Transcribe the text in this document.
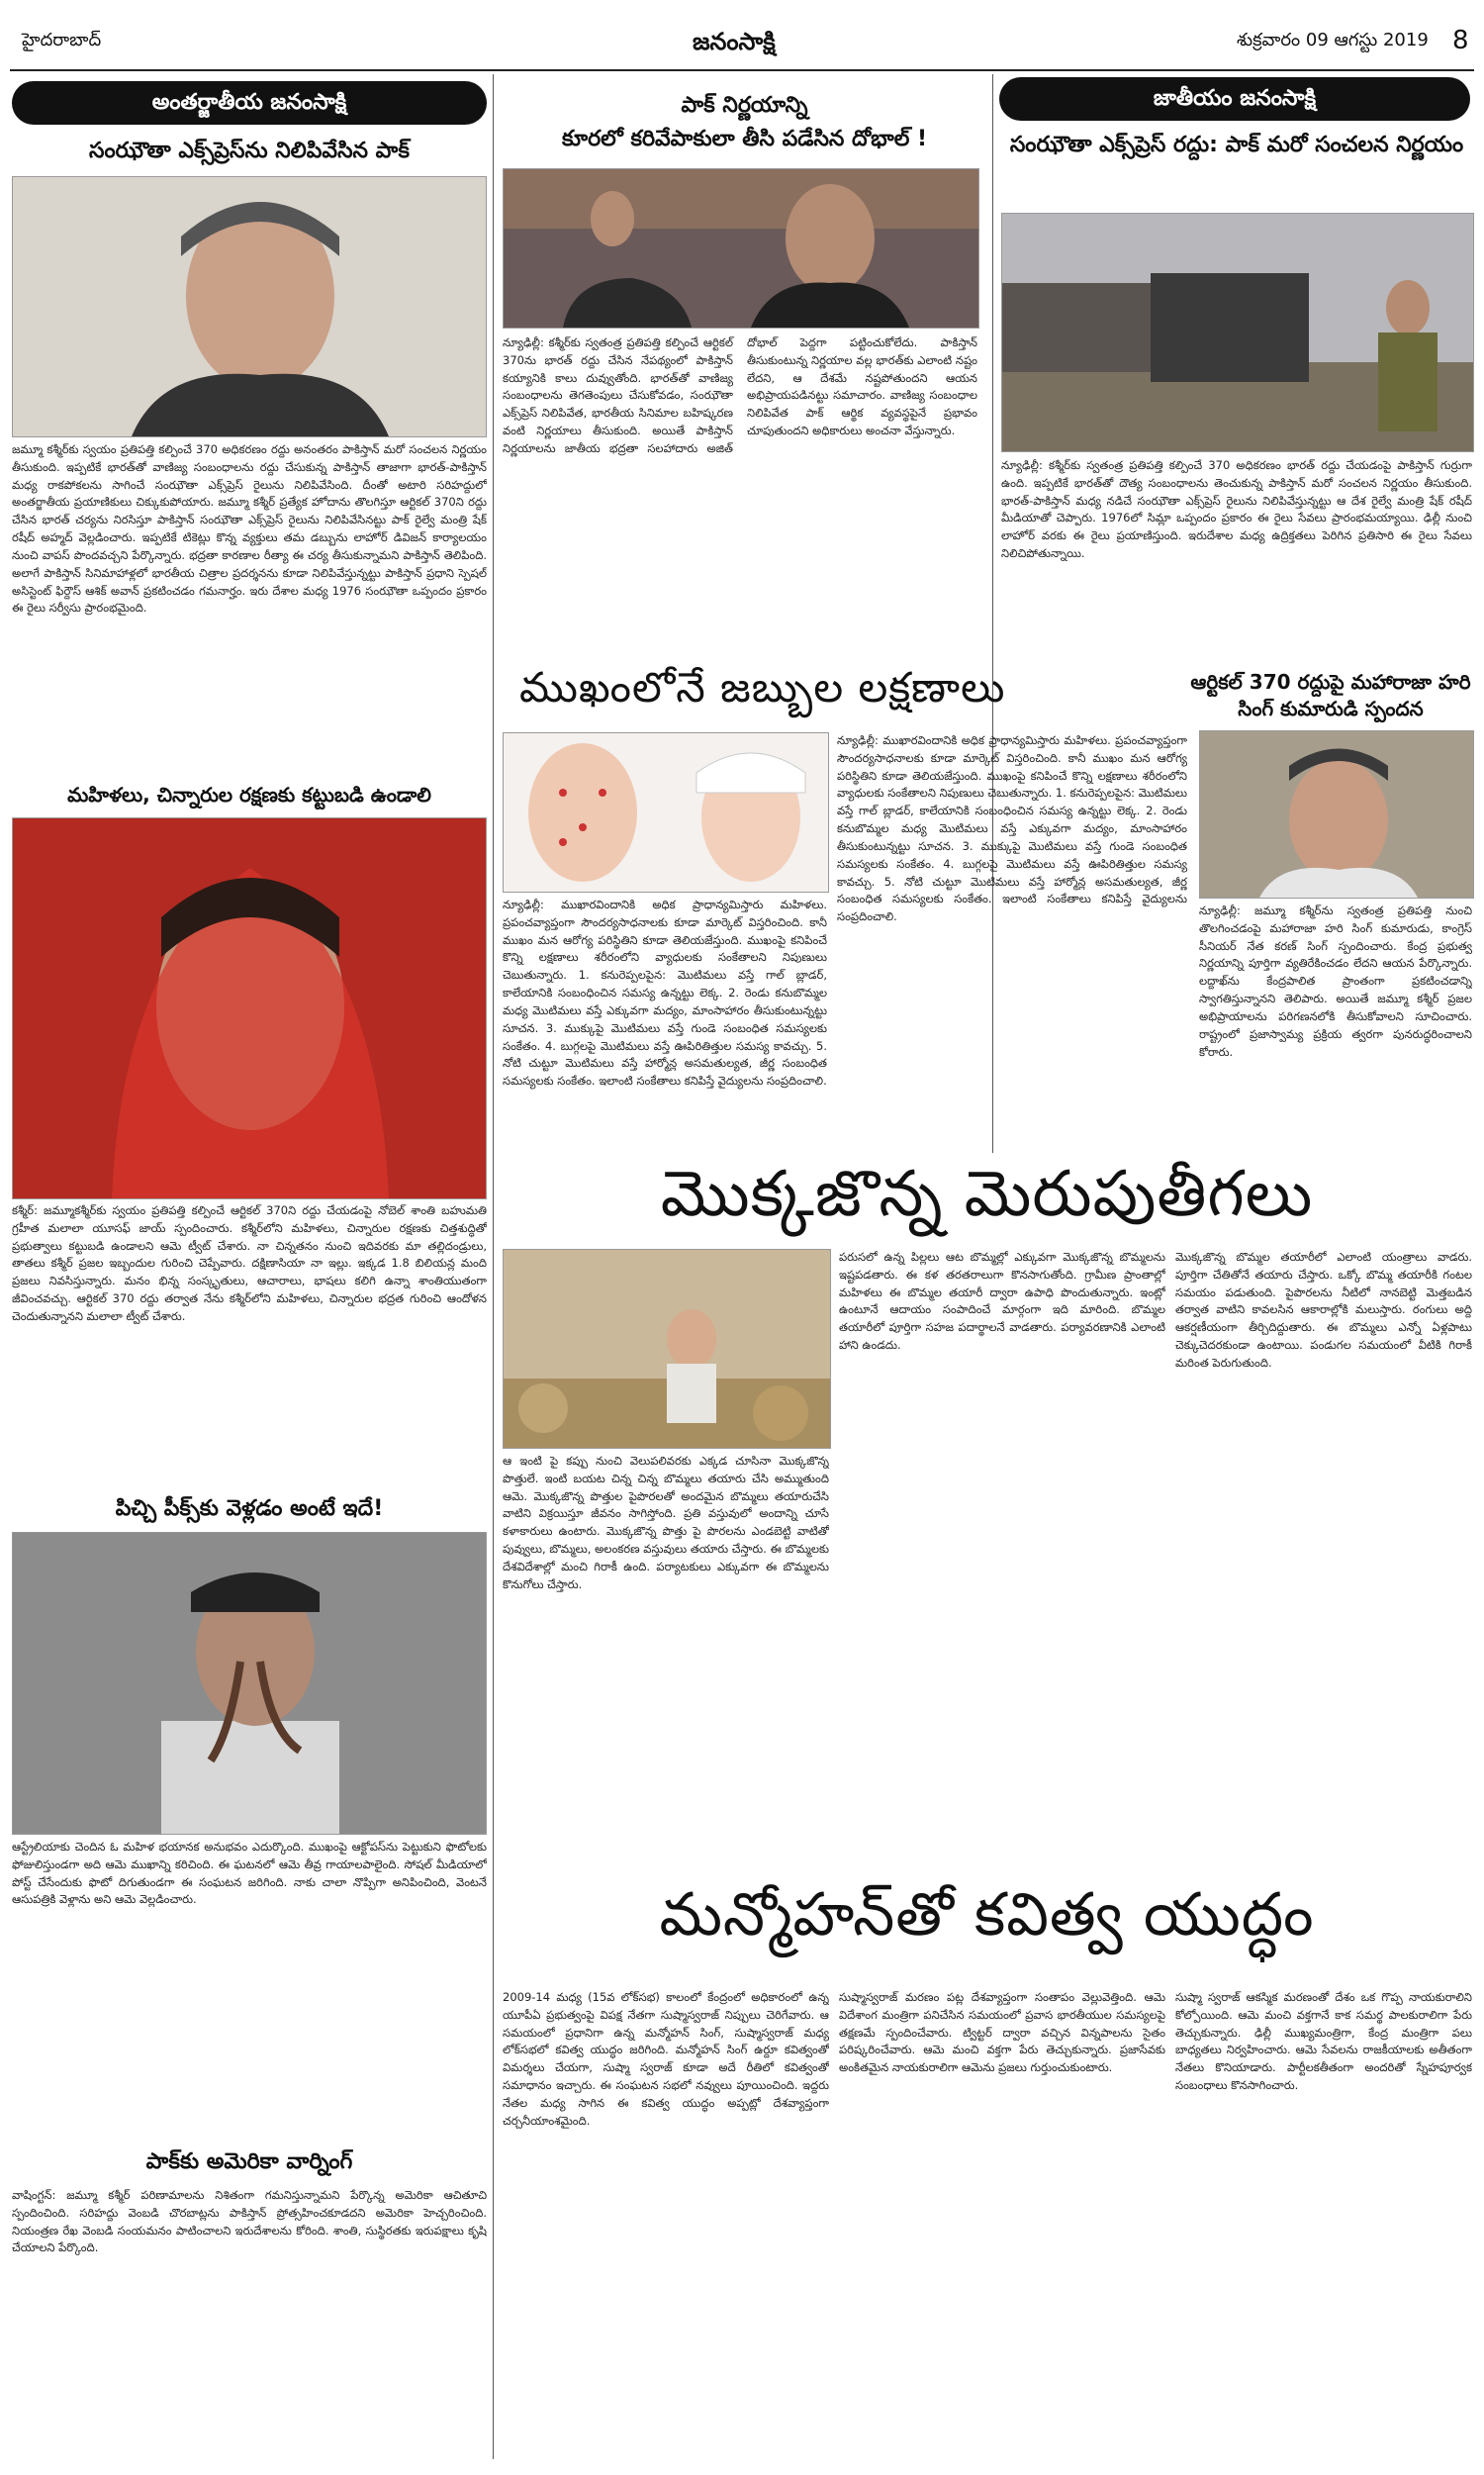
హైదరాబాద్	జనంసాక్షి	శుక్రవారం 09 ఆగస్టు 2019 8
అంతర్జాతీయ జనంసాక్షి
సంఝౌతా ఎక్స్‌ప్రెస్‌ను నిలిపివేసిన పాక్
జమ్మూ కశ్మీర్‌కు స్వయం ప్రతిపత్తి కల్పించే 370 అధికరణం రద్దు అనంతరం పాకిస్తాన్‌ మరో సంచలన నిర్ణయం తీసుకుంది. ఇప్పటికే భారత్‌తో వాణిజ్య సంబంధాలను రద్దు చేసుకున్న పాకిస్తాన్‌ తాజాగా భారత్‌-పాకిస్తాన్‌ మధ్య రాకపోకలను సాగించే సంఝౌతా ఎక్స్‌ప్రెస్‌ రైలును నిలిపివేసింది. దీంతో అటారి సరిహద్దులో అంతర్జాతీయ ప్రయాణికులు చిక్కుకుపోయారు. జమ్మూ కశ్మీర్‌ ప్రత్యేక హోదాను తొలగిస్తూ ఆర్టికల్‌ 370ని రద్దు చేసిన భారత్‌ చర్యను నిరసిస్తూ పాకిస్తాన్‌ సంఝౌతా ఎక్స్‌ప్రెస్‌ రైలును నిలిపివేసినట్టు పాక్‌ రైల్వే మంత్రి షేక్‌ రషీద్‌ అహ్మద్‌ వెల్లడించారు. ఇప్పటికే టికెట్లు కొన్న వ్యక్తులు తమ డబ్బును లాహోర్‌ డివిజన్‌ కార్యాలయం నుంచి వాపస్‌ పొందవచ్చని పేర్కొన్నారు. భద్రతా కారణాల రీత్యా ఈ చర్య తీసుకున్నామని పాకిస్తాన్‌ తెలిపింది. అలాగే పాకిస్తాన్‌ సినిమాహాళ్లలో భారతీయ చిత్రాల ప్రదర్శనను కూడా నిలిపివేస్తున్నట్టు పాకిస్తాన్‌ ప్రధాని స్పెషల్‌ అసిస్టెంట్‌ ఫిర్దౌస్‌ ఆశిక్‌ అవాన్‌ ప్రకటించడం గమనార్హం. ఇరు దేశాల మధ్య 1976 సంఝౌతా ఒప్పందం ప్రకారం ఈ రైలు సర్వీసు ప్రారంభమైంది.
మహిళలు, చిన్నారుల రక్షణకు కట్టుబడి ఉండాలి
కశ్మీర్‌: జమ్మూకశ్మీర్‌కు స్వయం ప్రతిపత్తి కల్పించే ఆర్టికల్‌ 370ని రద్దు చేయడంపై నోబెల్‌ శాంతి బహుమతి గ్రహీత మలాలా యూసఫ్‌ జాయ్‌ స్పందించారు. కశ్మీర్‌లోని మహిళలు, చిన్నారుల రక్షణకు చిత్తశుద్ధితో ప్రభుత్వాలు కట్టుబడి ఉండాలని ఆమె ట్వీట్‌ చేశారు. నా చిన్నతనం నుంచి ఇదివరకు మా తల్లిదండ్రులు, తాతలు కశ్మీర్‌ ప్రజల ఇబ్బందుల గురించి చెప్పేవారు. దక్షిణాసియా నా ఇల్లు. ఇక్కడ 1.8 బిలియన్ల మంది ప్రజలు నివసిస్తున్నారు. మనం భిన్న సంస్కృతులు, ఆచారాలు, భాషలు కలిగి ఉన్నా శాంతియుతంగా జీవించవచ్చు. ఆర్టికల్‌ 370 రద్దు తర్వాత నేను కశ్మీర్‌లోని మహిళలు, చిన్నారుల భద్రత గురించి ఆందోళన చెందుతున్నానని మలాలా ట్వీట్‌ చేశారు.
పిచ్చి పీక్స్‌కు వెళ్లడం అంటే ఇదే!
ఆస్ట్రేలియాకు చెందిన ఓ మహిళ భయానక అనుభవం ఎదుర్కొంది. ముఖంపై ఆక్టోపస్‌ను పెట్టుకుని ఫొటోలకు ఫోజులిస్తుండగా అది ఆమె ముఖాన్ని కరిచింది. ఈ ఘటనలో ఆమె తీవ్ర గాయాలపాలైంది. సోషల్‌ మీడియాలో పోస్ట్‌ చేసేందుకు ఫొటో దిగుతుండగా ఈ సంఘటన జరిగింది. నాకు చాలా నొప్పిగా అనిపించింది, వెంటనే ఆసుపత్రికి వెళ్లాను అని ఆమె వెల్లడించారు.
పాక్‌కు అమెరికా వార్నింగ్‌
వాషింగ్టన్‌: జమ్మూ కశ్మీర్‌ పరిణామాలను నిశితంగా గమనిస్తున్నామని పేర్కొన్న అమెరికా ఆచితూచి స్పందించింది. సరిహద్దు వెంబడి చొరబాట్లను పాకిస్తాన్‌ ప్రోత్సహించకూడదని అమెరికా హెచ్చరించింది. నియంత్రణ రేఖ వెంబడి సంయమనం పాటించాలని ఇరుదేశాలను కోరింది. శాంతి, సుస్థిరతకు ఇరుపక్షాలు కృషి చేయాలని పేర్కొంది.
పాక్‌ నిర్ణయాన్ని
కూరలో కరివేపాకులా తీసి పడేసిన దోభాల్‌ !
న్యూఢిల్లీ: కశ్మీర్‌కు స్వతంత్ర ప్రతిపత్తి కల్పించే ఆర్టికల్‌ 370ను భారత్‌ రద్దు చేసిన నేపథ్యంలో పాకిస్తాన్‌ కయ్యానికి కాలు దువ్వుతోంది. భారత్‌తో వాణిజ్య సంబంధాలను తెగతెంపులు చేసుకోవడం, సంఝౌతా ఎక్స్‌ప్రెస్‌ నిలిపివేత, భారతీయ సినిమాల బహిష్కరణ వంటి నిర్ణయాలు తీసుకుంది. అయితే పాకిస్తాన్‌ నిర్ణయాలను జాతీయ భద్రతా సలహాదారు అజిత్‌ దోభాల్‌ పెద్దగా పట్టించుకోలేదు. పాకిస్తాన్‌ తీసుకుంటున్న నిర్ణయాల వల్ల భారత్‌కు ఎలాంటి నష్టం లేదని, ఆ దేశమే నష్టపోతుందని ఆయన అభిప్రాయపడినట్టు సమాచారం. వాణిజ్య సంబంధాల నిలిపివేత పాక్‌ ఆర్థిక వ్యవస్థపైనే ప్రభావం చూపుతుందని అధికారులు అంచనా వేస్తున్నారు.
ముఖంలోనే జబ్బుల లక్షణాలు
న్యూఢిల్లీ: ముఖారవిందానికి అధిక ప్రాధాన్యమిస్తారు మహిళలు. ప్రపంచవ్యాప్తంగా సౌందర్యసాధనాలకు కూడా మార్కెట్‌ విస్తరించింది. కానీ ముఖం మన ఆరోగ్య పరిస్థితిని కూడా తెలియజేస్తుంది. ముఖంపై కనిపించే కొన్ని లక్షణాలు శరీరంలోని వ్యాధులకు సంకేతాలని నిపుణులు చెబుతున్నారు. 1. కనురెప్పలపైన: మొటిమలు వస్తే గాల్‌ బ్లాడర్‌, కాలేయానికి సంబంధించిన సమస్య ఉన్నట్టు లెక్క. 2. రెండు కనుబొమ్మల మధ్య మొటిమలు వస్తే ఎక్కువగా మద్యం, మాంసాహారం తీసుకుంటున్నట్టు సూచన. 3. ముక్కుపై మొటిమలు వస్తే గుండె సంబంధిత సమస్యలకు సంకేతం. 4. బుగ్గలపై మొటిమలు వస్తే ఊపిరితిత్తుల సమస్య కావచ్చు. 5. నోటి చుట్టూ మొటిమలు వస్తే హార్మోన్ల అసమతుల్యత, జీర్ణ సంబంధిత సమస్యలకు సంకేతం. ఇలాంటి సంకేతాలు కనిపిస్తే వైద్యులను సంప్రదించాలి.
న్యూఢిల్లీ: ముఖారవిందానికి అధిక ప్రాధాన్యమిస్తారు మహిళలు. ప్రపంచవ్యాప్తంగా సౌందర్యసాధనాలకు కూడా మార్కెట్‌ విస్తరించింది. కానీ ముఖం మన ఆరోగ్య పరిస్థితిని కూడా తెలియజేస్తుంది. ముఖంపై కనిపించే కొన్ని లక్షణాలు శరీరంలోని వ్యాధులకు సంకేతాలని నిపుణులు చెబుతున్నారు. 1. కనురెప్పలపైన: మొటిమలు వస్తే గాల్‌ బ్లాడర్‌, కాలేయానికి సంబంధించిన సమస్య ఉన్నట్టు లెక్క. 2. రెండు కనుబొమ్మల మధ్య మొటిమలు వస్తే ఎక్కువగా మద్యం, మాంసాహారం తీసుకుంటున్నట్టు సూచన. 3. ముక్కుపై మొటిమలు వస్తే గుండె సంబంధిత సమస్యలకు సంకేతం. 4. బుగ్గలపై మొటిమలు వస్తే ఊపిరితిత్తుల సమస్య కావచ్చు. 5. నోటి చుట్టూ మొటిమలు వస్తే హార్మోన్ల అసమతుల్యత, జీర్ణ సంబంధిత సమస్యలకు సంకేతం. ఇలాంటి సంకేతాలు కనిపిస్తే వైద్యులను సంప్రదించాలి.
మొక్కజొన్న మెరుపుతీగలు
ఆ ఇంటి పై కప్పు నుంచి వెలుపలివరకు ఎక్కడ చూసినా మొక్కజొన్న పొత్తులే. ఇంటి బయట చిన్న చిన్న బొమ్మలు తయారు చేసి అమ్ముతుంది ఆమె. మొక్కజొన్న పొత్తుల పైపొరలతో అందమైన బొమ్మలు తయారుచేసి వాటిని విక్రయిస్తూ జీవనం సాగిస్తోంది. ప్రతి వస్తువులో అందాన్ని చూసే కళాకారులు ఉంటారు. మొక్కజొన్న పొత్తు పై పొరలను ఎండబెట్టి వాటితో పువ్వులు, బొమ్మలు, అలంకరణ వస్తువులు తయారు చేస్తారు. ఈ బొమ్మలకు దేశవిదేశాల్లో మంచి గిరాకీ ఉంది. పర్యాటకులు ఎక్కువగా ఈ బొమ్మలను కొనుగోలు చేస్తారు.
పరుసలో ఉన్న పిల్లలు ఆట బొమ్మల్లో ఎక్కువగా మొక్కజొన్న బొమ్మలను ఇష్టపడతారు. ఈ కళ తరతరాలుగా కొనసాగుతోంది. గ్రామీణ ప్రాంతాల్లో మహిళలు ఈ బొమ్మల తయారీ ద్వారా ఉపాధి పొందుతున్నారు. ఇంట్లో ఉంటూనే ఆదాయం సంపాదించే మార్గంగా ఇది మారింది. బొమ్మల తయారీలో పూర్తిగా సహజ పదార్థాలనే వాడతారు. పర్యావరణానికి ఎలాంటి హాని ఉండదు.
మన్మోహన్‌తో కవిత్వ యుద్ధం
2009-14 మధ్య (15వ లోక్‌సభ) కాలంలో కేంద్రంలో అధికారంలో ఉన్న యూపీఏ ప్రభుత్వంపై విపక్ష నేతగా సుష్మాస్వరాజ్‌ నిప్పులు చెరిగేవారు. ఆ సమయంలో ప్రధానిగా ఉన్న మన్మోహన్‌ సింగ్‌, సుష్మాస్వరాజ్‌ మధ్య లోక్‌సభలో కవిత్వ యుద్ధం జరిగింది. మన్మోహన్‌ సింగ్‌ ఉర్దూ కవిత్వంతో విమర్శలు చేయగా, సుష్మా స్వరాజ్‌ కూడా అదే రీతిలో కవిత్వంతో సమాధానం ఇచ్చారు. ఈ సంఘటన సభలో నవ్వులు పూయించింది. ఇద్దరు నేతల మధ్య సాగిన ఈ కవిత్వ యుద్ధం అప్పట్లో దేశవ్యాప్తంగా చర్చనీయాంశమైంది.
సుష్మాస్వరాజ్‌ మరణం పట్ల దేశవ్యాప్తంగా సంతాపం వెల్లువెత్తింది. ఆమె విదేశాంగ మంత్రిగా పనిచేసిన సమయంలో ప్రవాస భారతీయుల సమస్యలపై తక్షణమే స్పందించేవారు. ట్విట్టర్‌ ద్వారా వచ్చిన విన్నపాలను సైతం పరిష్కరించేవారు. ఆమె మంచి వక్తగా పేరు తెచ్చుకున్నారు. ప్రజాసేవకు అంకితమైన నాయకురాలిగా ఆమెను ప్రజలు గుర్తుంచుకుంటారు.
జాతీయం జనంసాక్షి
సంఝౌతా ఎక్స్‌ప్రెస్‌ రద్దు: పాక్‌ మరో సంచలన నిర్ణయం
న్యూఢిల్లీ: కశ్మీర్‌కు స్వతంత్ర ప్రతిపత్తి కల్పించే 370 అధికరణం భారత్‌ రద్దు చేయడంపై పాకిస్తాన్‌ గుర్రుగా ఉంది. ఇప్పటికే భారత్‌తో దౌత్య సంబంధాలను తెంచుకున్న పాకిస్తాన్‌ మరో సంచలన నిర్ణయం తీసుకుంది. భారత్‌-పాకిస్తాన్‌ మధ్య నడిచే సంఝౌతా ఎక్స్‌ప్రెస్‌ రైలును నిలిపివేస్తున్నట్టు ఆ దేశ రైల్వే మంత్రి షేక్‌ రషీద్‌ మీడియాతో చెప్పారు. 1976లో సిమ్లా ఒప్పందం ప్రకారం ఈ రైలు సేవలు ప్రారంభమయ్యాయి. ఢిల్లీ నుంచి లాహోర్‌ వరకు ఈ రైలు ప్రయాణిస్తుంది. ఇరుదేశాల మధ్య ఉద్రిక్తతలు పెరిగిన ప్రతిసారి ఈ రైలు సేవలు నిలిచిపోతున్నాయి.
ఆర్టికల్‌ 370 రద్దుపై మహారాజా హరి సింగ్‌ కుమారుడి స్పందన
న్యూఢిల్లీ: జమ్మూ కశ్మీర్‌ను స్వతంత్ర ప్రతిపత్తి నుంచి తొలగించడంపై మహారాజా హరి సింగ్‌ కుమారుడు, కాంగ్రెస్‌ సీనియర్‌ నేత కరణ్‌ సింగ్‌ స్పందించారు. కేంద్ర ప్రభుత్వ నిర్ణయాన్ని పూర్తిగా వ్యతిరేకించడం లేదని ఆయన పేర్కొన్నారు. లద్దాఖ్‌ను కేంద్రపాలిత ప్రాంతంగా ప్రకటించడాన్ని స్వాగతిస్తున్నానని తెలిపారు. అయితే జమ్మూ కశ్మీర్‌ ప్రజల అభిప్రాయాలను పరిగణనలోకి తీసుకోవాలని సూచించారు. రాష్ట్రంలో ప్రజాస్వామ్య ప్రక్రియ త్వరగా పునరుద్ధరించాలని కోరారు.
మొక్కజొన్న బొమ్మల తయారీలో ఎలాంటి యంత్రాలు వాడరు. పూర్తిగా చేతితోనే తయారు చేస్తారు. ఒక్కో బొమ్మ తయారీకి గంటల సమయం పడుతుంది. పైపొరలను నీటిలో నానబెట్టి మెత్తబడిన తర్వాత వాటిని కావలసిన ఆకారాల్లోకి మలుస్తారు. రంగులు అద్ది ఆకర్షణీయంగా తీర్చిదిద్దుతారు. ఈ బొమ్మలు ఎన్నో ఏళ్లపాటు చెక్కుచెదరకుండా ఉంటాయి. పండుగల సమయంలో వీటికి గిరాకీ మరింత పెరుగుతుంది.
సుష్మా స్వరాజ్‌ ఆకస్మిక మరణంతో దేశం ఒక గొప్ప నాయకురాలిని కోల్పోయింది. ఆమె మంచి వక్తగానే కాక సమర్థ పాలకురాలిగా పేరు తెచ్చుకున్నారు. ఢిల్లీ ముఖ్యమంత్రిగా, కేంద్ర మంత్రిగా పలు బాధ్యతలు నిర్వహించారు. ఆమె సేవలను రాజకీయాలకు అతీతంగా నేతలు కొనియాడారు. పార్టీలకతీతంగా అందరితో స్నేహపూర్వక సంబంధాలు కొనసాగించారు.
